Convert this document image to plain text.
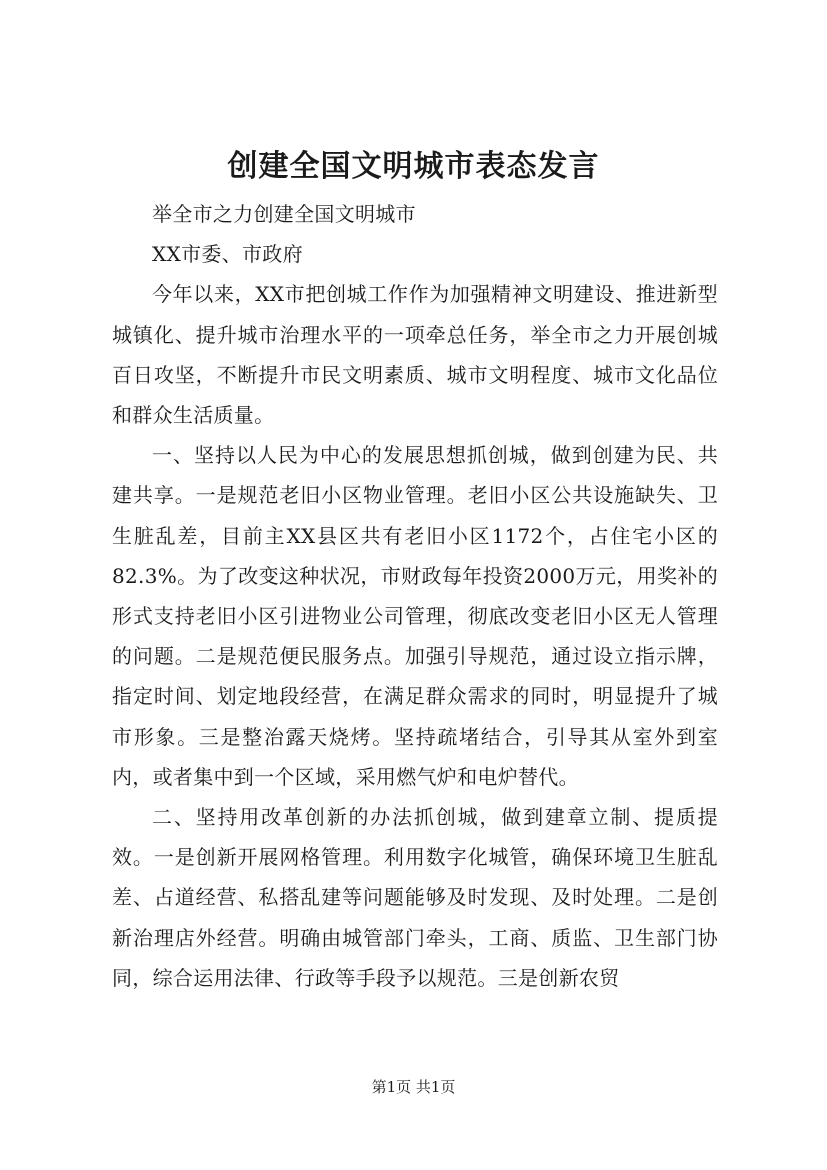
创建全国文明城市表态发言

举全市之力创建全国文明城市

XX市委、市政府

今年以来，XX市把创城工作作为加强精神文明建设、推进新型城镇化、提升城市治理水平的一项牵总任务，举全市之力开展创城百日攻坚，不断提升市民文明素质、城市文明程度、城市文化品位和群众生活质量。

一、坚持以人民为中心的发展思想抓创城，做到创建为民、共建共享。一是规范老旧小区物业管理。老旧小区公共设施缺失、卫生脏乱差，目前主XX县区共有老旧小区1172个，占住宅小区的82.3%。为了改变这种状况，市财政每年投资2000万元，用奖补的形式支持老旧小区引进物业公司管理，彻底改变老旧小区无人管理的问题。二是规范便民服务点。加强引导规范，通过设立指示牌，指定时间、划定地段经营，在满足群众需求的同时，明显提升了城市形象。三是整治露天烧烤。坚持疏堵结合，引导其从室外到室内，或者集中到一个区域，采用燃气炉和电炉替代。

二、坚持用改革创新的办法抓创城，做到建章立制、提质提效。一是创新开展网格管理。利用数字化城管，确保环境卫生脏乱差、占道经营、私搭乱建等问题能够及时发现、及时处理。二是创新治理店外经营。明确由城管部门牵头，工商、质监、卫生部门协同，综合运用法律、行政等手段予以规范。三是创新农贸

第1页 共1页
